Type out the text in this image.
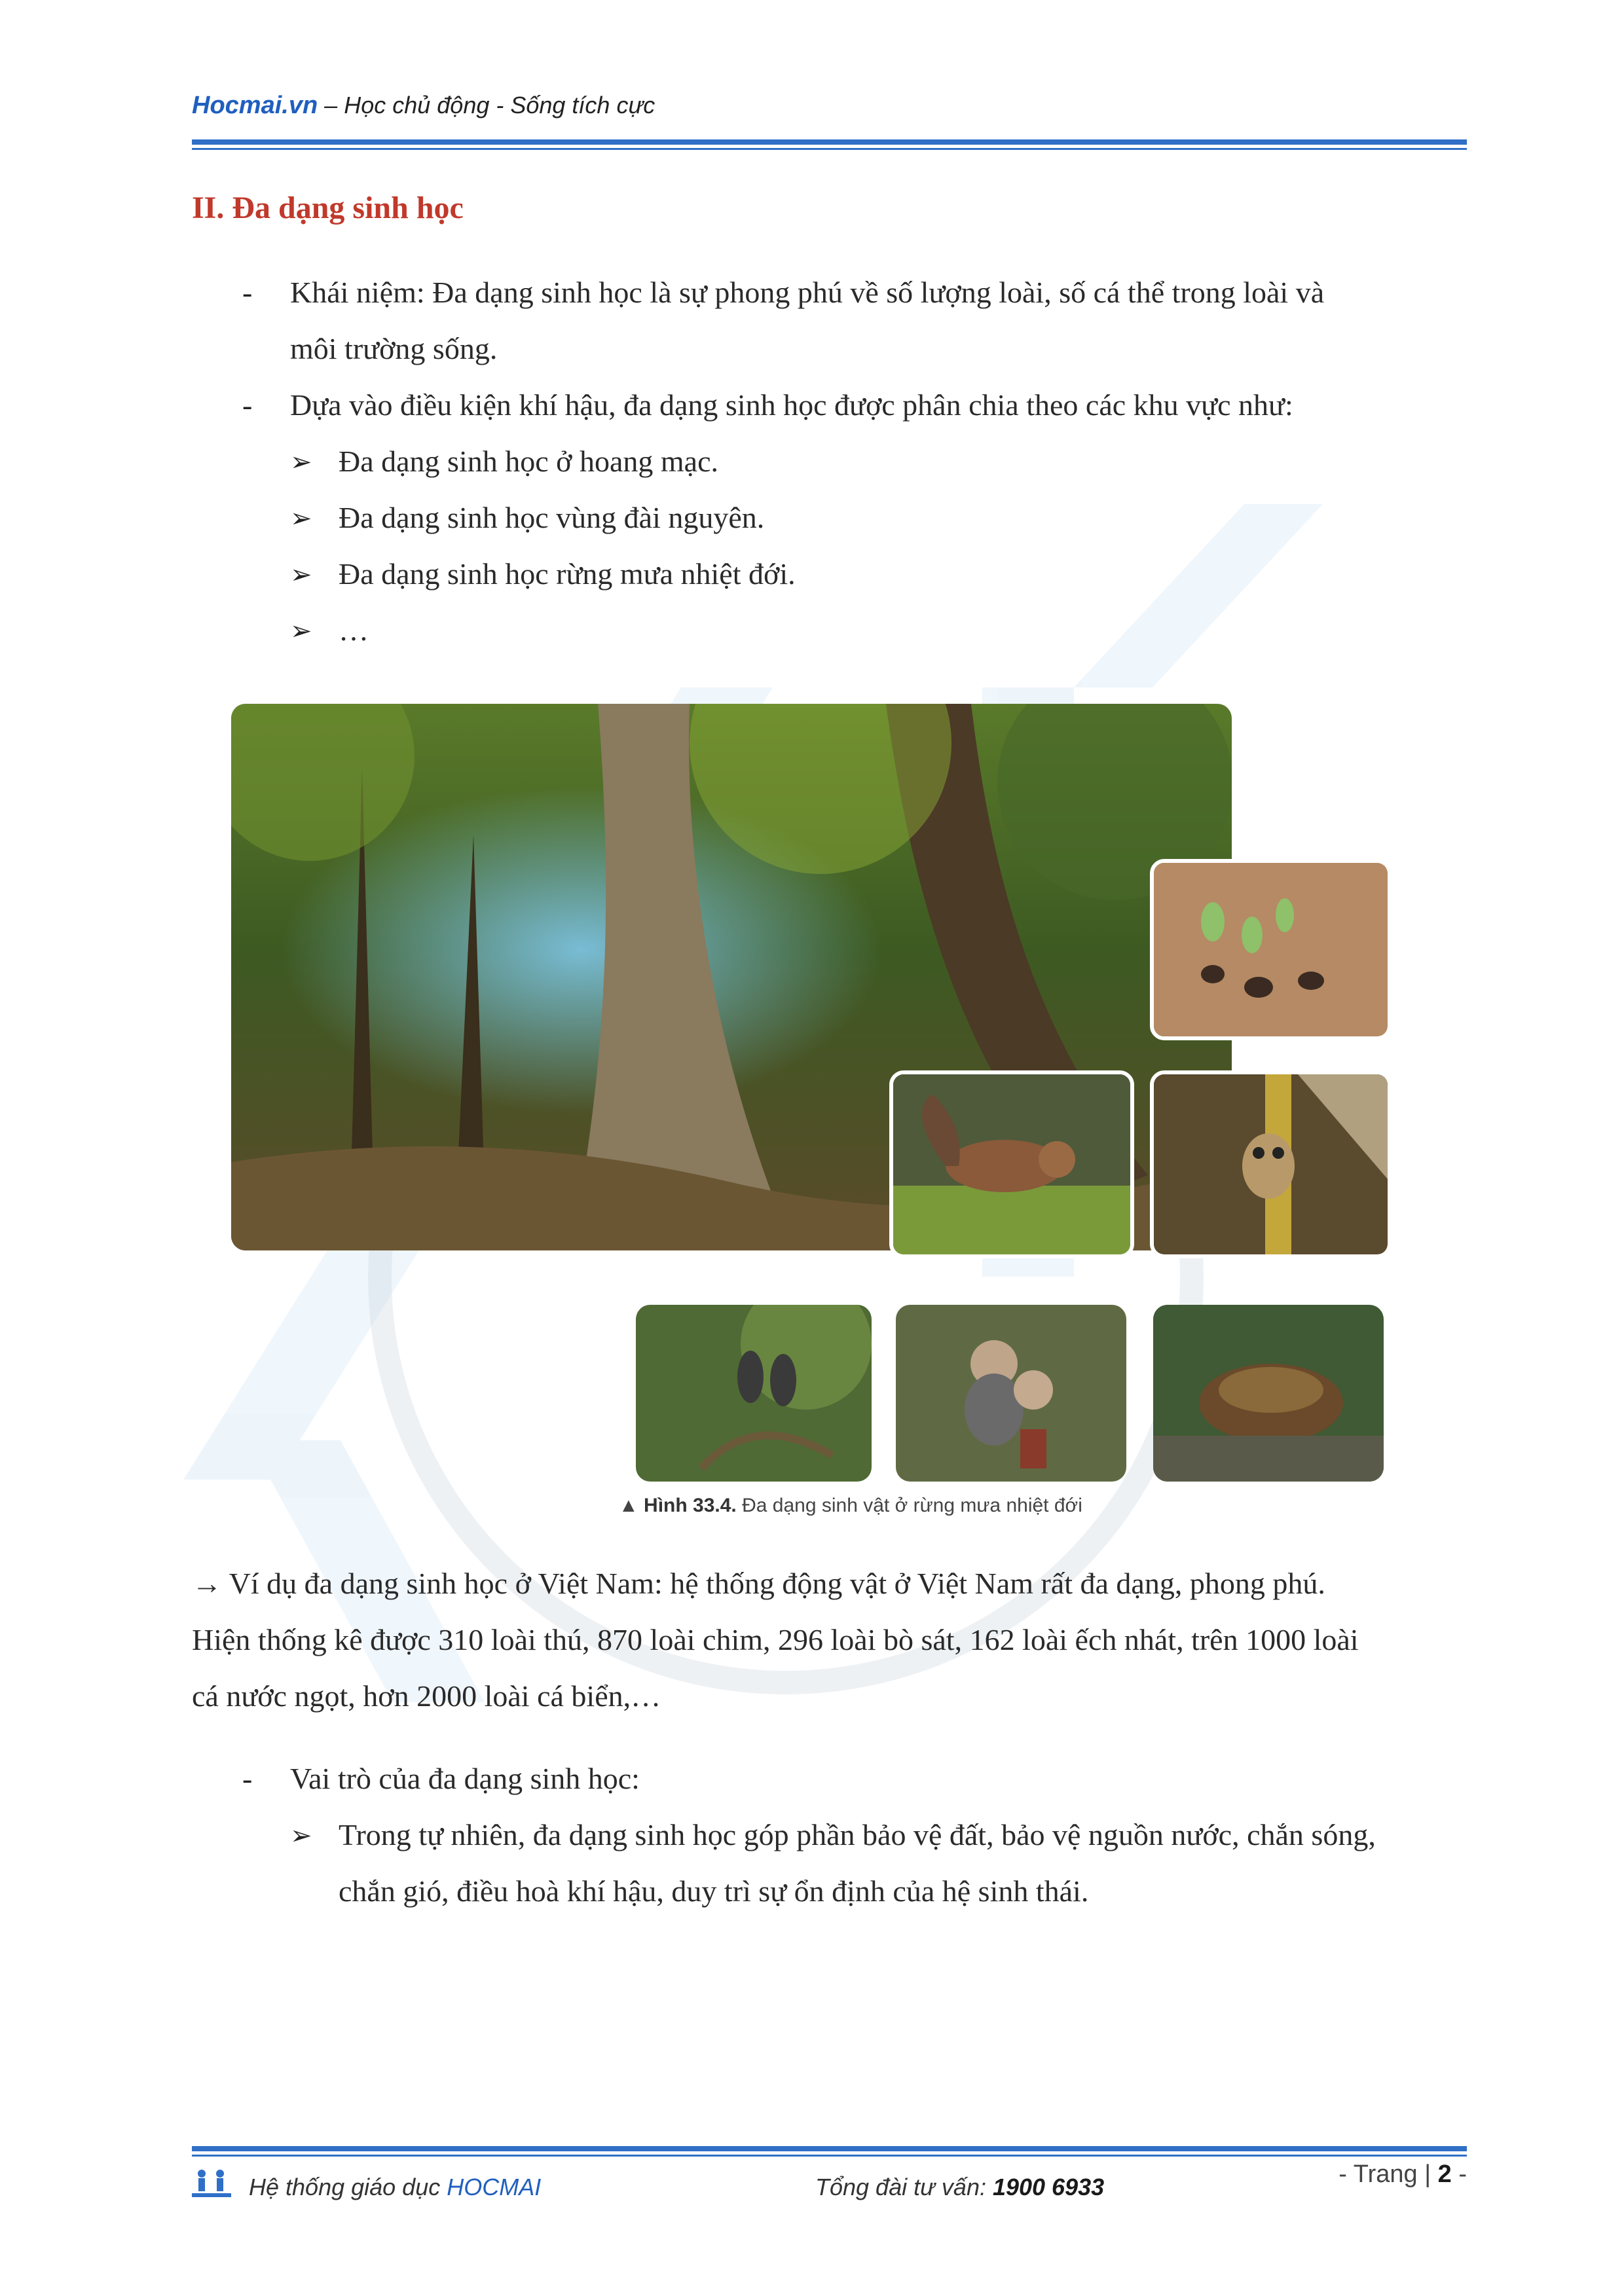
Hocmai.vn – Học chủ động - Sống tích cực
II. Đa dạng sinh học
- Khái niệm: Đa dạng sinh học là sự phong phú về số lượng loài, số cá thể trong loài và
môi trường sống.
- Dựa vào điều kiện khí hậu, đa dạng sinh học được phân chia theo các khu vực như:
➢ Đa dạng sinh học ở hoang mạc.
➢ Đa dạng sinh học vùng đài nguyên.
➢ Đa dạng sinh học rừng mưa nhiệt đới.
➢ …
▲ Hình 33.4. Đa dạng sinh vật ở rừng mưa nhiệt đới
→ Ví dụ đa dạng sinh học ở Việt Nam: hệ thống động vật ở Việt Nam rất đa dạng, phong phú.
Hiện thống kê được 310 loài thú, 870 loài chim, 296 loài bò sát, 162 loài ếch nhát, trên 1000 loài
cá nước ngọt, hơn 2000 loài cá biển,…
- Vai trò của đa dạng sinh học:
➢ Trong tự nhiên, đa dạng sinh học góp phần bảo vệ đất, bảo vệ nguồn nước, chắn sóng,
chắn gió, điều hoà khí hậu, duy trì sự ổn định của hệ sinh thái.
Hệ thống giáo dục HOCMAI	Tổng đài tư vấn: 1900 6933	- Trang | 2 -
